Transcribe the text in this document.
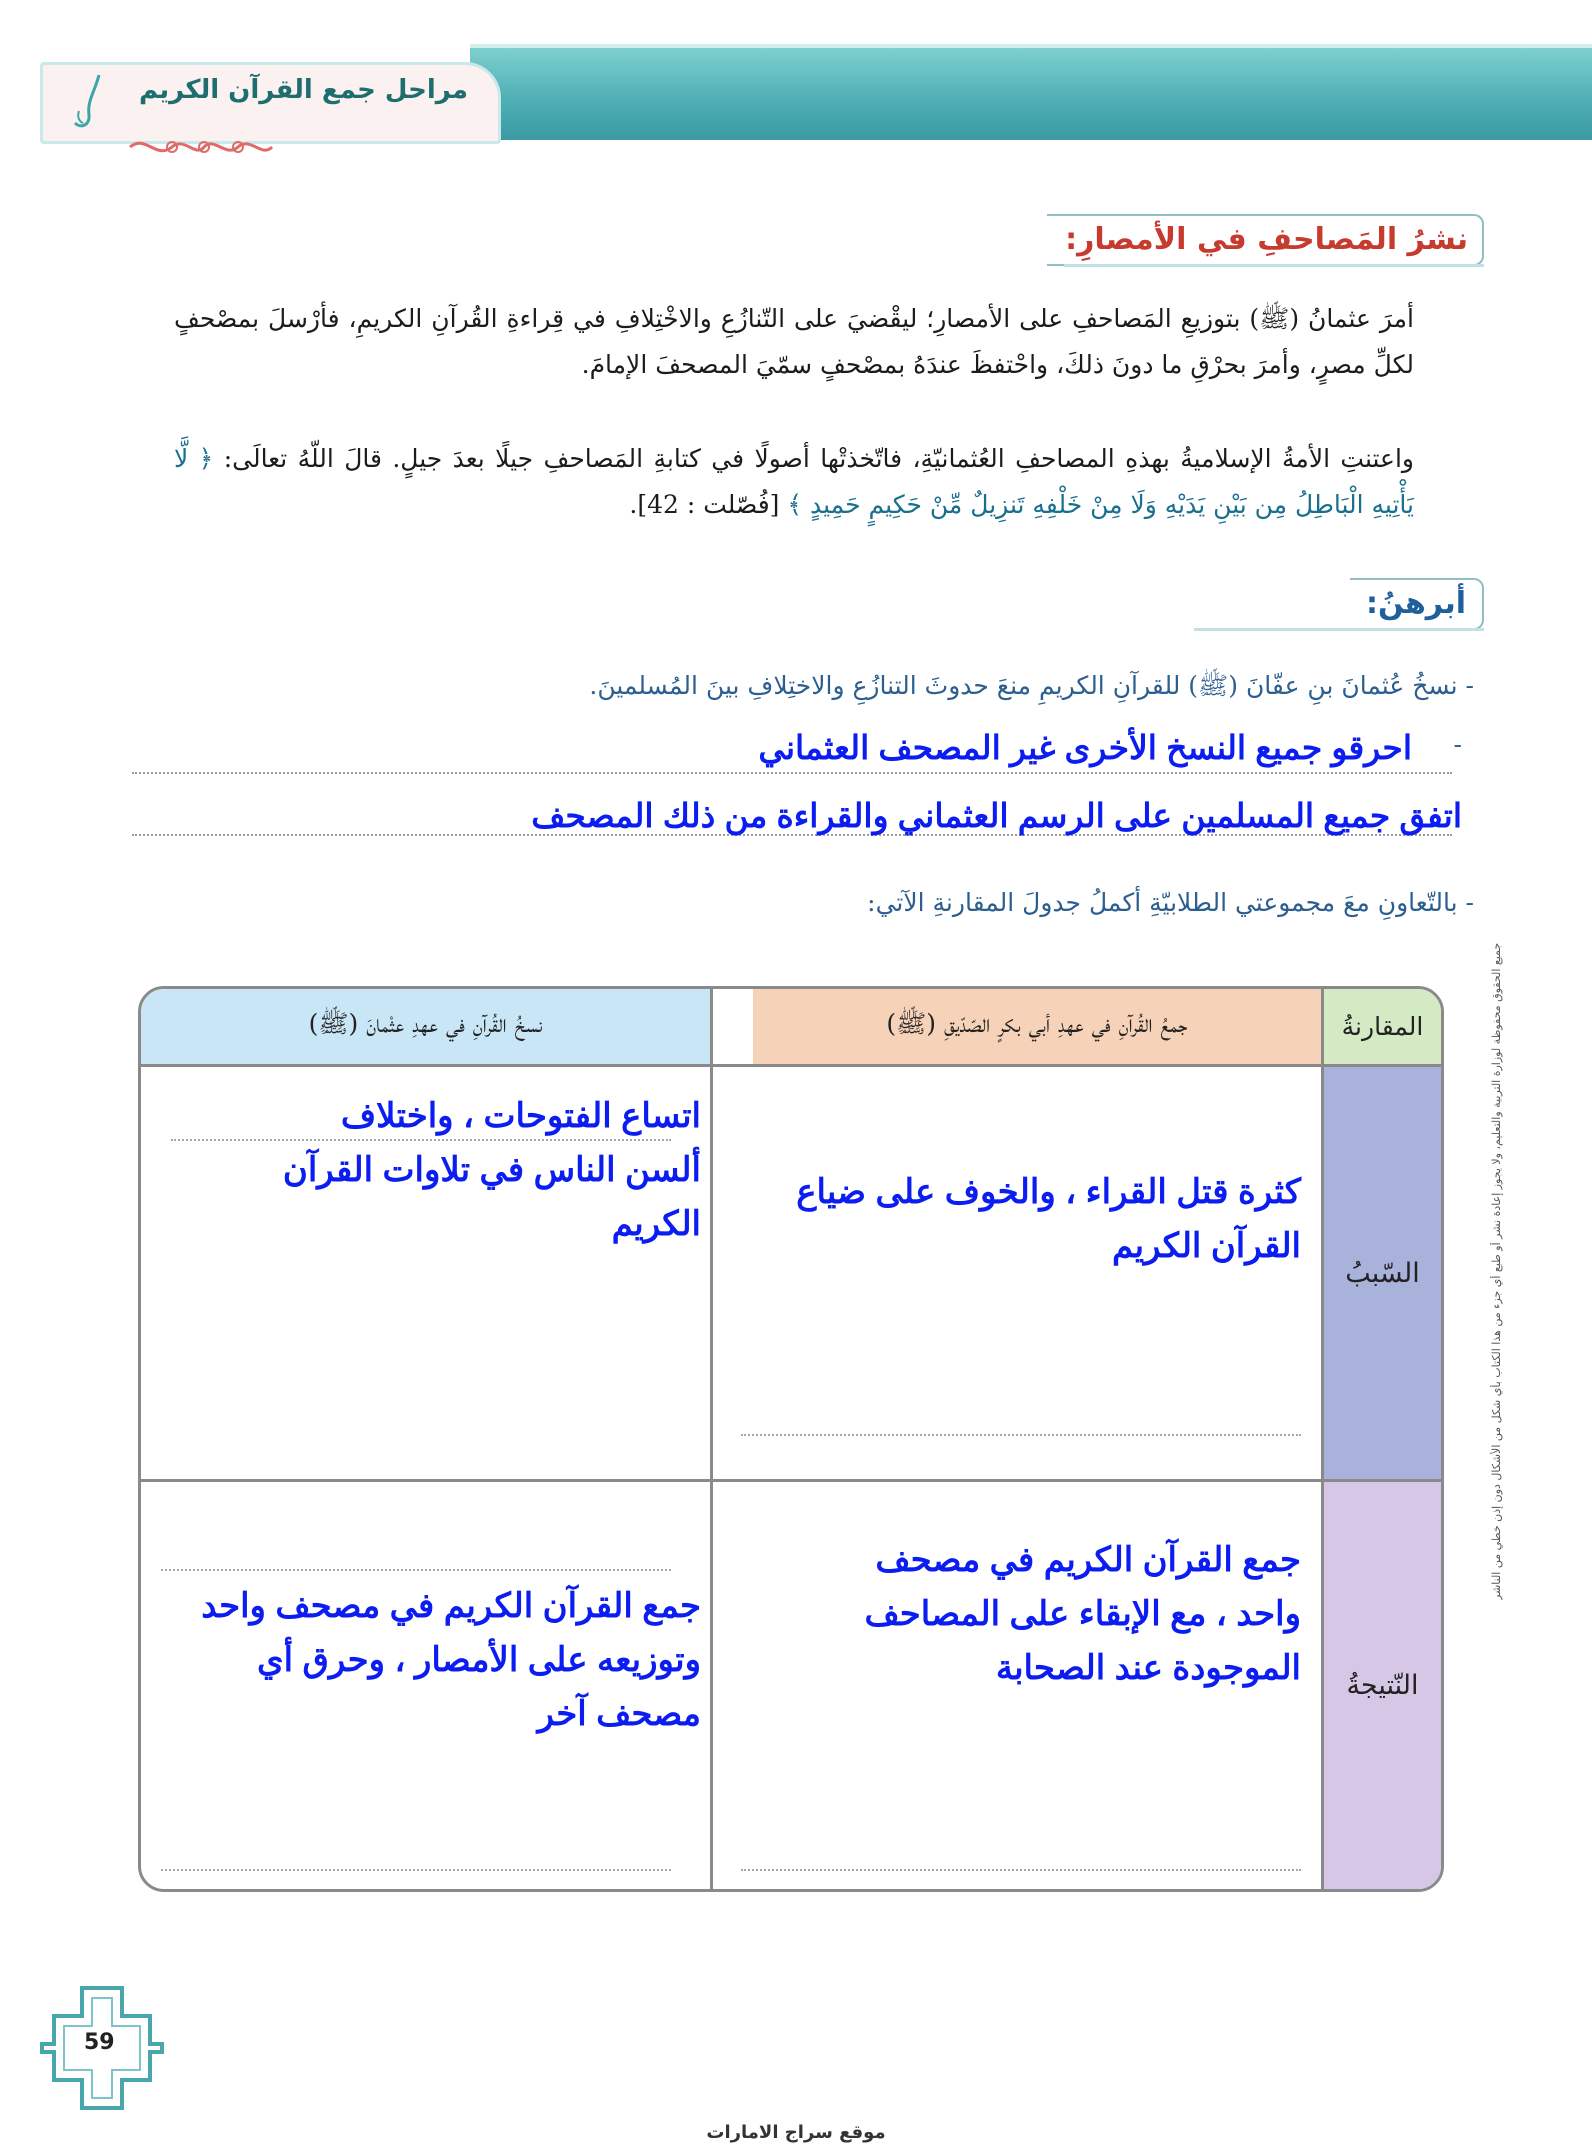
مراحل جمع القرآن الكريم
نشرُ المَصاحفِ في الأمصارِ:
أمرَ عثمانُ (ﷺ) بتوزيعِ المَصاحفِ على الأمصارِ؛ ليقْضيَ على التّنازُعِ والاخْتِلافِ في قِراءةِ القُرآنِ الكريمِ، فأرْسلَ بمصْحفٍ لكلِّ مصرٍ، وأمرَ بحرْقِ ما دونَ ذلكَ، واحْتفظَ عندَهُ بمصْحفٍ سمّيَ المصحفَ الإمامَ.
واعتنتِ الأمةُ الإسلاميةُ بهذهِ المصاحفِ العُثمانيّةِ، فاتّخذتْها أصولًا في كتابةِ المَصاحفِ جيلًا بعدَ جيلٍ. قالَ اللّهُ تعالَى: ﴿ لَّا يَأْتِيهِ الْبَاطِلُ مِن بَيْنِ يَدَيْهِ وَلَا مِنْ خَلْفِهِ تَنزِيلٌ مِّنْ حَكِيمٍ حَمِيدٍ ﴾ [فُصّلت : 42].
أبرهنُ:
- نسخُ عُثمانَ بنِ عفّانَ (ﷺ) للقرآنِ الكريمِ منعَ حدوثَ التنازُعِ والاختِلافِ بينَ المُسلمينَ.
-
احرقو جميع النسخ الأخرى غير المصحف العثماني
اتفق جميع المسلمين على الرسم العثماني والقراءة من ذلك المصحف
- بالتّعاونِ معَ مجموعتي الطلابيّةِ أكملُ جدولَ المقارنةِ الآتي:
المقارنةُ
جمعُ القُرآنِ في عهدِ أبي بكرٍ الصّدّيقِ (ﷺ)
نسخُ القُرآنِ في عهدِ عثْمانَ (ﷺ)
السّببُ
النّتيجةُ
كثرة قتل القراء ، والخوف على ضياع القرآن الكريم
اتساع الفتوحات ، واختلاف ألسن الناس في تلاوات القرآن الكريم
جمع القرآن الكريم في مصحف واحد ، مع الإبقاء على المصاحف الموجودة عند الصحابة
جمع القرآن الكريم في مصحف واحد وتوزيعه على الأمصار ، وحرق أي مصحف آخر
جميع الحقوق محفوظة لوزارة التربية والتعليم، ولا يجوز إعادة نشر أو طبع أي جزء من هذا الكتاب بأي شكل من الأشكال دون إذن خطي من الناشر
59
موقع سراج الامارات
